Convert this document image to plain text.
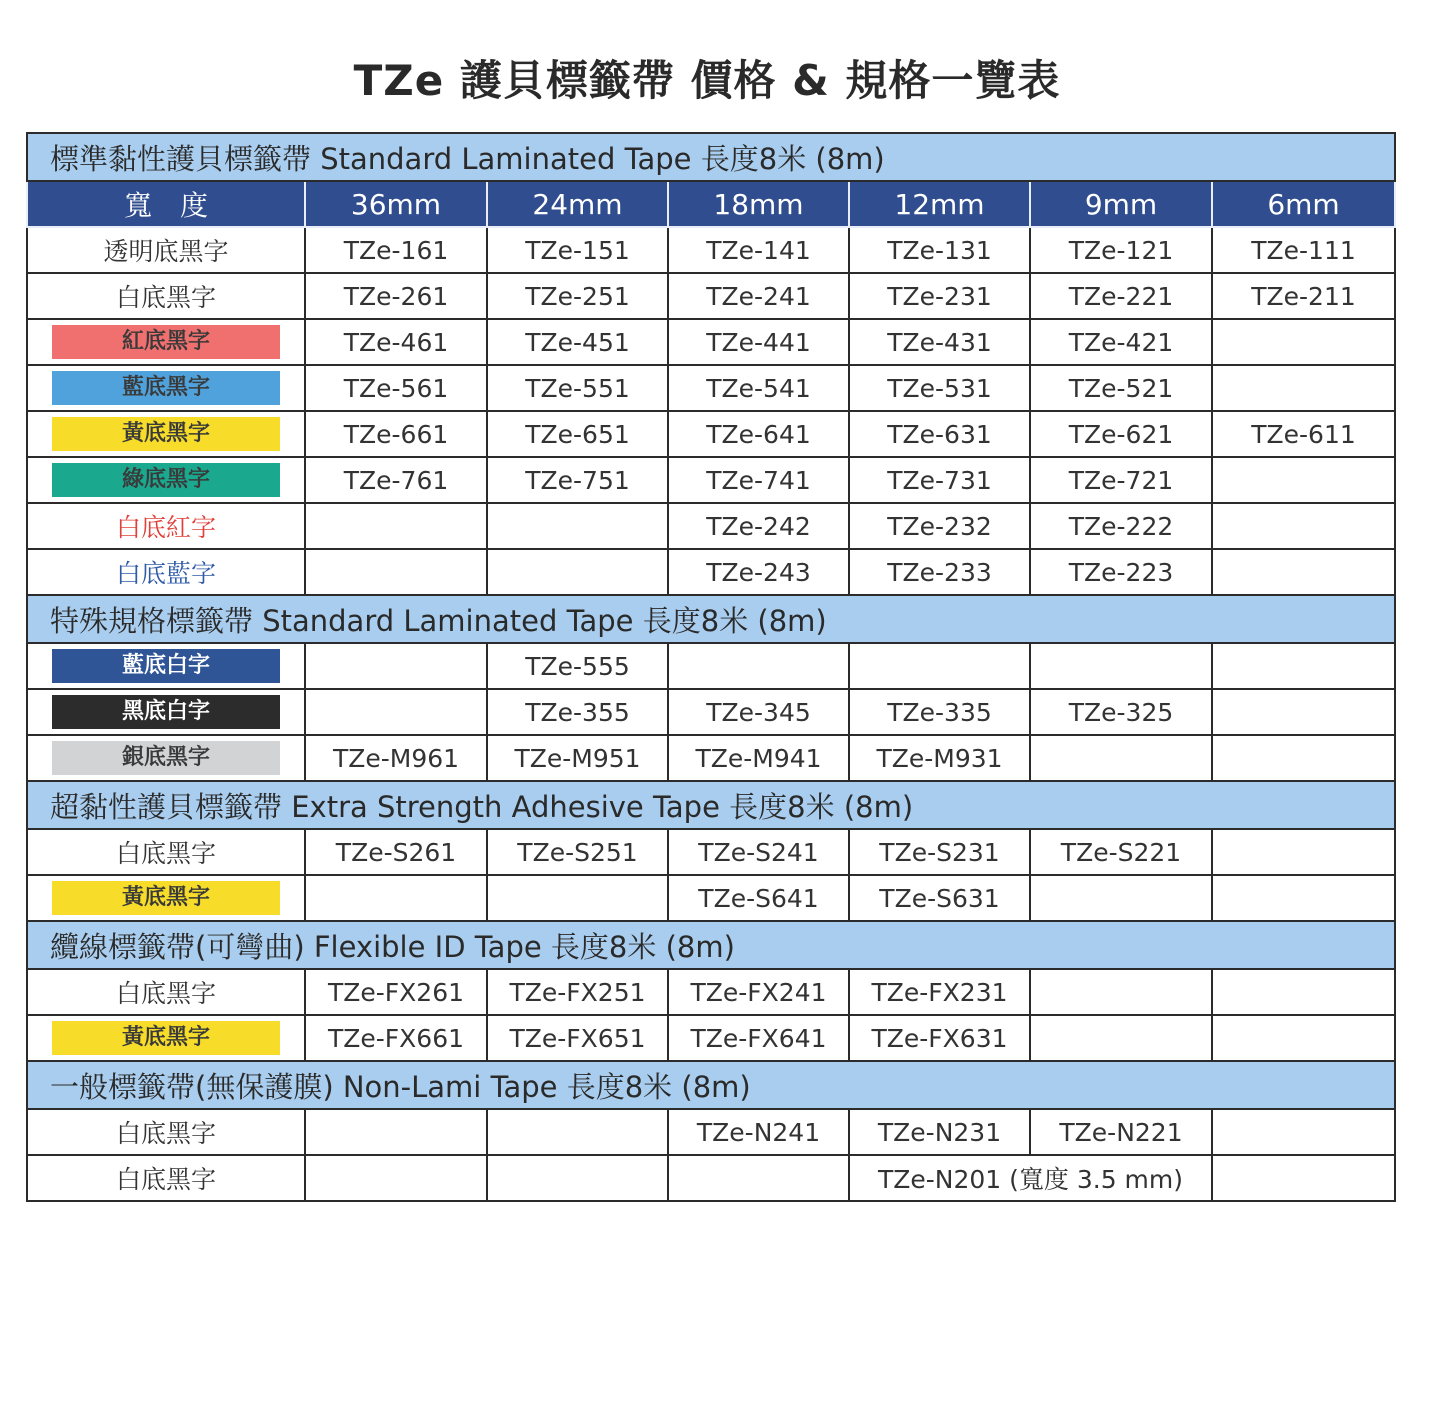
TZe 護貝標籤帶 價格 & 規格一覽表
標準黏性護貝標籤帶 Standard Laminated Tape 長度8米 (8m)						
寬　度	36mm	24mm	18mm	12mm	9mm	6mm
透明底黑字	TZe-161	TZe-151	TZe-141	TZe-131	TZe-121	TZe-111
白底黑字	TZe-261	TZe-251	TZe-241	TZe-231	TZe-221	TZe-211
紅底黑字	TZe-461	TZe-451	TZe-441	TZe-431	TZe-421	
藍底黑字	TZe-561	TZe-551	TZe-541	TZe-531	TZe-521	
黃底黑字	TZe-661	TZe-651	TZe-641	TZe-631	TZe-621	TZe-611
綠底黑字	TZe-761	TZe-751	TZe-741	TZe-731	TZe-721	
白底紅字			TZe-242	TZe-232	TZe-222	
白底藍字			TZe-243	TZe-233	TZe-223	
特殊規格標籤帶 Standard Laminated Tape 長度8米 (8m)						
藍底白字		TZe-555				
黑底白字		TZe-355	TZe-345	TZe-335	TZe-325	
銀底黑字	TZe-M961	TZe-M951	TZe-M941	TZe-M931		
超黏性護貝標籤帶 Extra Strength Adhesive Tape 長度8米 (8m)						
白底黑字	TZe-S261	TZe-S251	TZe-S241	TZe-S231	TZe-S221	
黃底黑字			TZe-S641	TZe-S631		
纜線標籤帶(可彎曲) Flexible ID Tape 長度8米 (8m)						
白底黑字	TZe-FX261	TZe-FX251	TZe-FX241	TZe-FX231		
黃底黑字	TZe-FX661	TZe-FX651	TZe-FX641	TZe-FX631		
一般標籤帶(無保護膜) Non-Lami Tape 長度8米 (8m)						
白底黑字			TZe-N241	TZe-N231	TZe-N221	
白底黑字				TZe-N201 (寬度 3.5 mm)		
